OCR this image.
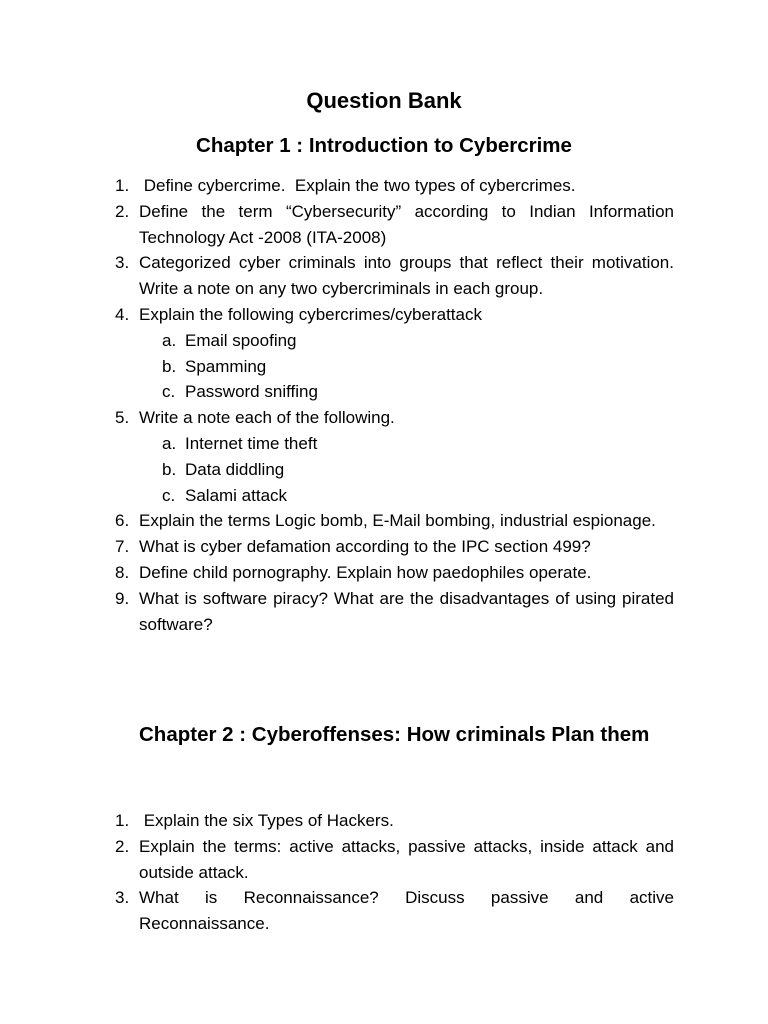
Question Bank
Chapter 1 : Introduction to Cybercrime
1. Define cybercrime.  Explain the two types of cybercrimes.
2. Define the term “Cybersecurity” according to Indian Information Technology Act -2008 (ITA-2008)
3. Categorized cyber criminals into groups that reflect their motivation. Write a note on any two cybercriminals in each group.
4. Explain the following cybercrimes/cyberattack
a. Email spoofing
b. Spamming
c. Password sniffing
5. Write a note each of the following.
a. Internet time theft
b. Data diddling
c. Salami attack
6. Explain the terms Logic bomb, E-Mail bombing, industrial espionage.
7. What is cyber defamation according to the IPC section 499?
8. Define child pornography. Explain how paedophiles operate.
9. What is software piracy? What are the disadvantages of using pirated software?
Chapter 2 : Cyberoffenses: How criminals Plan them
1. Explain the six Types of Hackers.
2. Explain the terms: active attacks, passive attacks, inside attack and outside attack.
3. What is Reconnaissance? Discuss passive and active Reconnaissance.
